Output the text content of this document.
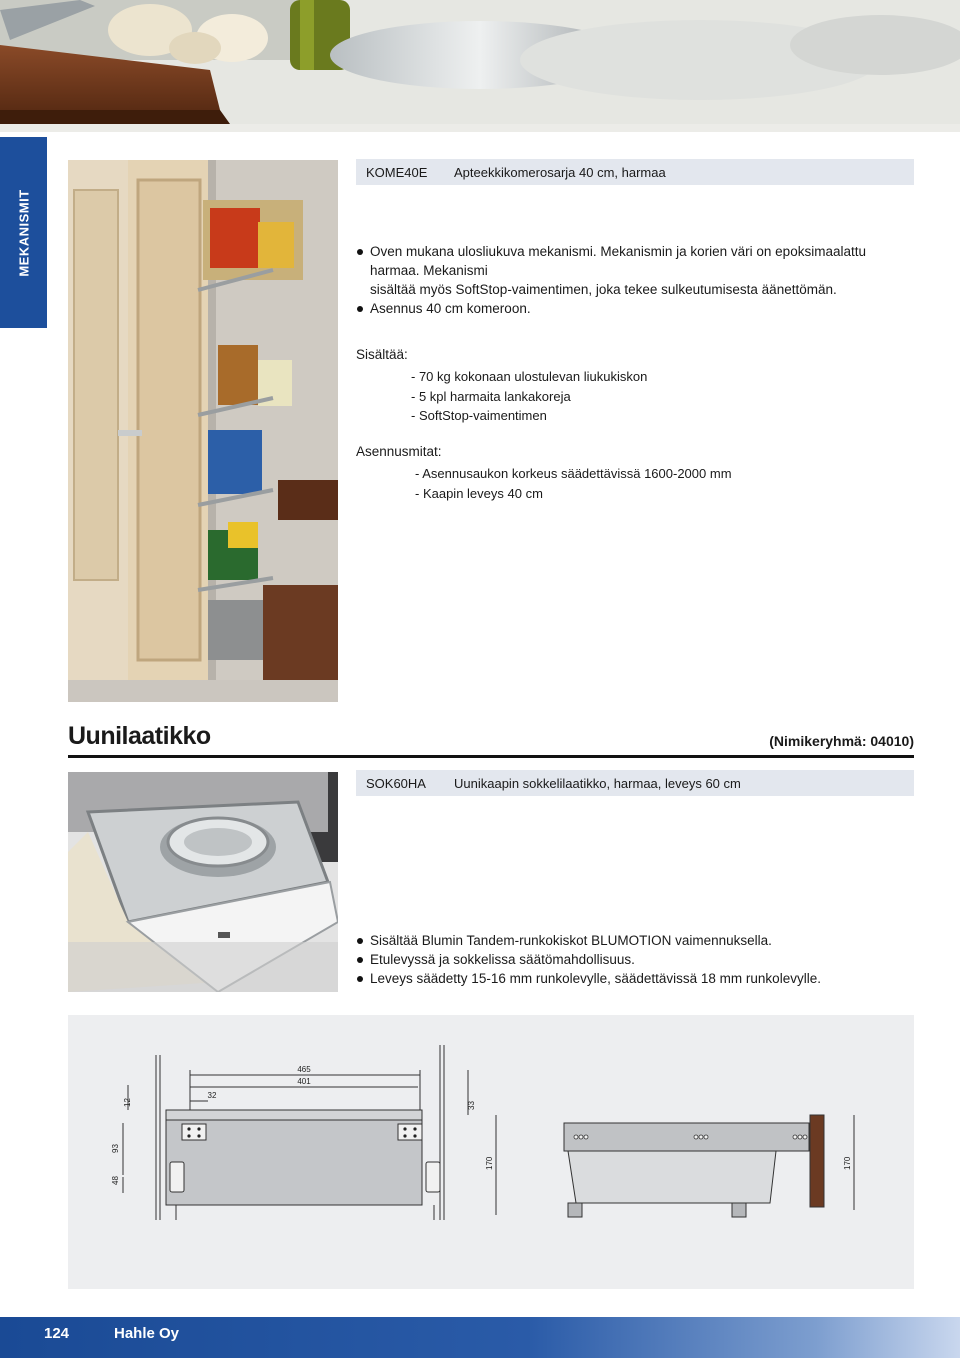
MEKANISMIT
KOME40E	Apteekkikomerosarja 40 cm, harmaa
Oven mukana ulosliukuva mekanismi. Mekanismin ja korien väri on epoksimaalattu harmaa. Mekanismi
sisältää myös SoftStop-vaimentimen, joka tekee sulkeutumisesta äänettömän.
Asennus 40 cm komeroon.
Sisältää:
- 70 kg kokonaan ulostulevan liukukiskon
- 5 kpl harmaita lankakoreja
- SoftStop-vaimentimen
Asennusmitat:
- Asennusaukon korkeus säädettävissä 1600-2000 mm
- Kaapin leveys 40 cm
Uunilaatikko	(Nimikeryhmä: 04010)
SOK60HA	Uunikaapin sokkelilaatikko, harmaa, leveys 60 cm
Sisältää Blumin Tandem-runkokiskot BLUMOTION vaimennuksella.
Etulevyssä ja sokkelissa säätömahdollisuus.
Leveys säädetty 15-16 mm runkolevylle, säädettävissä 18 mm runkolevylle.
465
401
32
12
93
48
33
170	170
124	Hahle Oy
